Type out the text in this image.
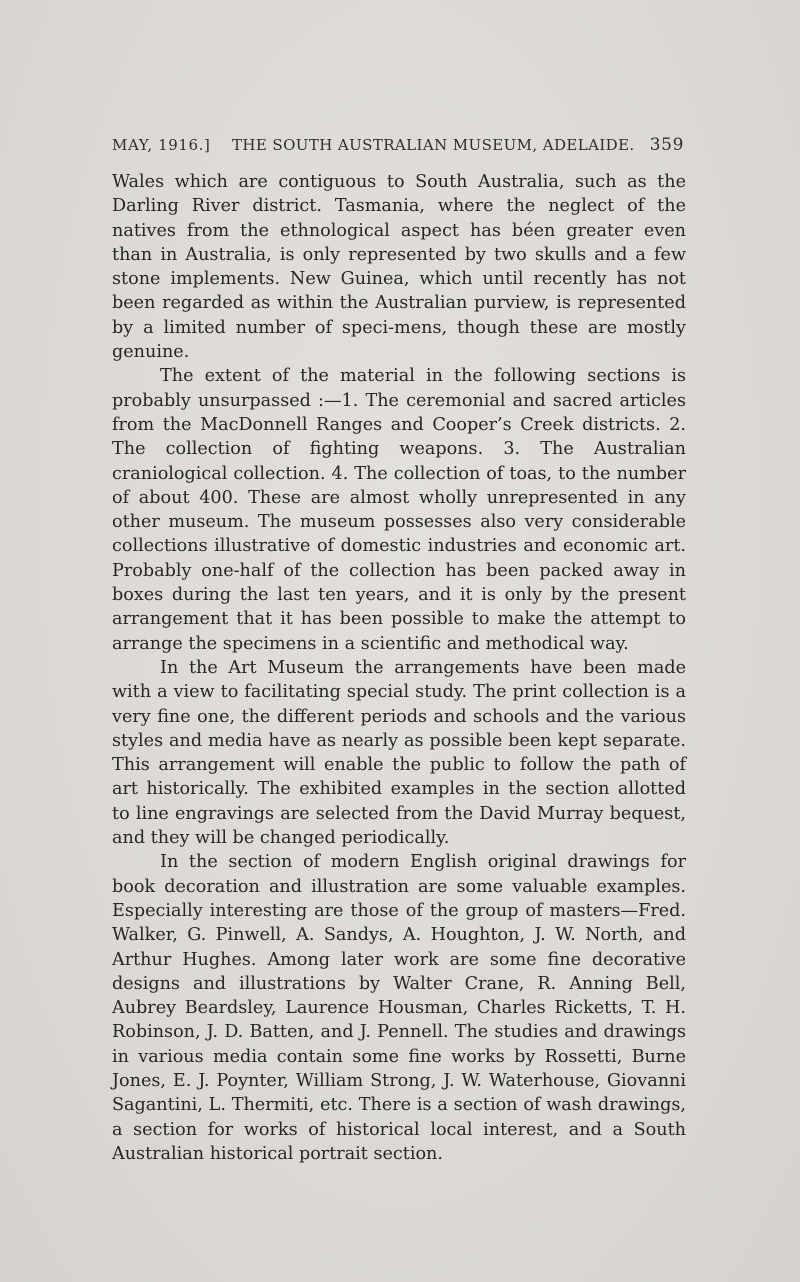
MAY, 1916.] THE SOUTH AUSTRALIAN MUSEUM, ADELAIDE. 359

Wales which are contiguous to South Australia, such as the Darling River district. Tasmania, where the neglect of the natives from the ethnological aspect has béen greater even than in Australia, is only represented by two skulls and a few stone implements. New Guinea, which until recently has not been regarded as within the Australian purview, is represented by a limited number of speci-mens, though these are mostly genuine.

The extent of the material in the following sections is probably unsurpassed :—1. The ceremonial and sacred articles from the MacDonnell Ranges and Cooper’s Creek districts. 2. The collection of fighting weapons. 3. The Australian craniological collection. 4. The collection of toas, to the number of about 400. These are almost wholly unrepresented in any other museum. The museum possesses also very considerable collections illustrative of domestic industries and economic art. Probably one-half of the collection has been packed away in boxes during the last ten years, and it is only by the present arrangement that it has been possible to make the attempt to arrange the specimens in a scientific and methodical way.

In the Art Museum the arrangements have been made with a view to facilitating special study. The print collection is a very fine one, the different periods and schools and the various styles and media have as nearly as possible been kept separate. This arrangement will enable the public to follow the path of art historically. The exhibited examples in the section allotted to line engravings are selected from the David Murray bequest, and they will be changed periodically.

In the section of modern English original drawings for book decoration and illustration are some valuable examples. Especially interesting are those of the group of masters—Fred. Walker, G. Pinwell, A. Sandys, A. Houghton, J. W. North, and Arthur Hughes. Among later work are some fine decorative designs and illustrations by Walter Crane, R. Anning Bell, Aubrey Beardsley, Laurence Housman, Charles Ricketts, T. H. Robinson, J. D. Batten, and J. Pennell. The studies and drawings in various media contain some fine works by Rossetti, Burne Jones, E. J. Poynter, William Strong, J. W. Waterhouse, Giovanni Sagantini, L. Thermiti, etc. There is a section of wash drawings, a section for works of historical local interest, and a South Australian historical portrait section.
